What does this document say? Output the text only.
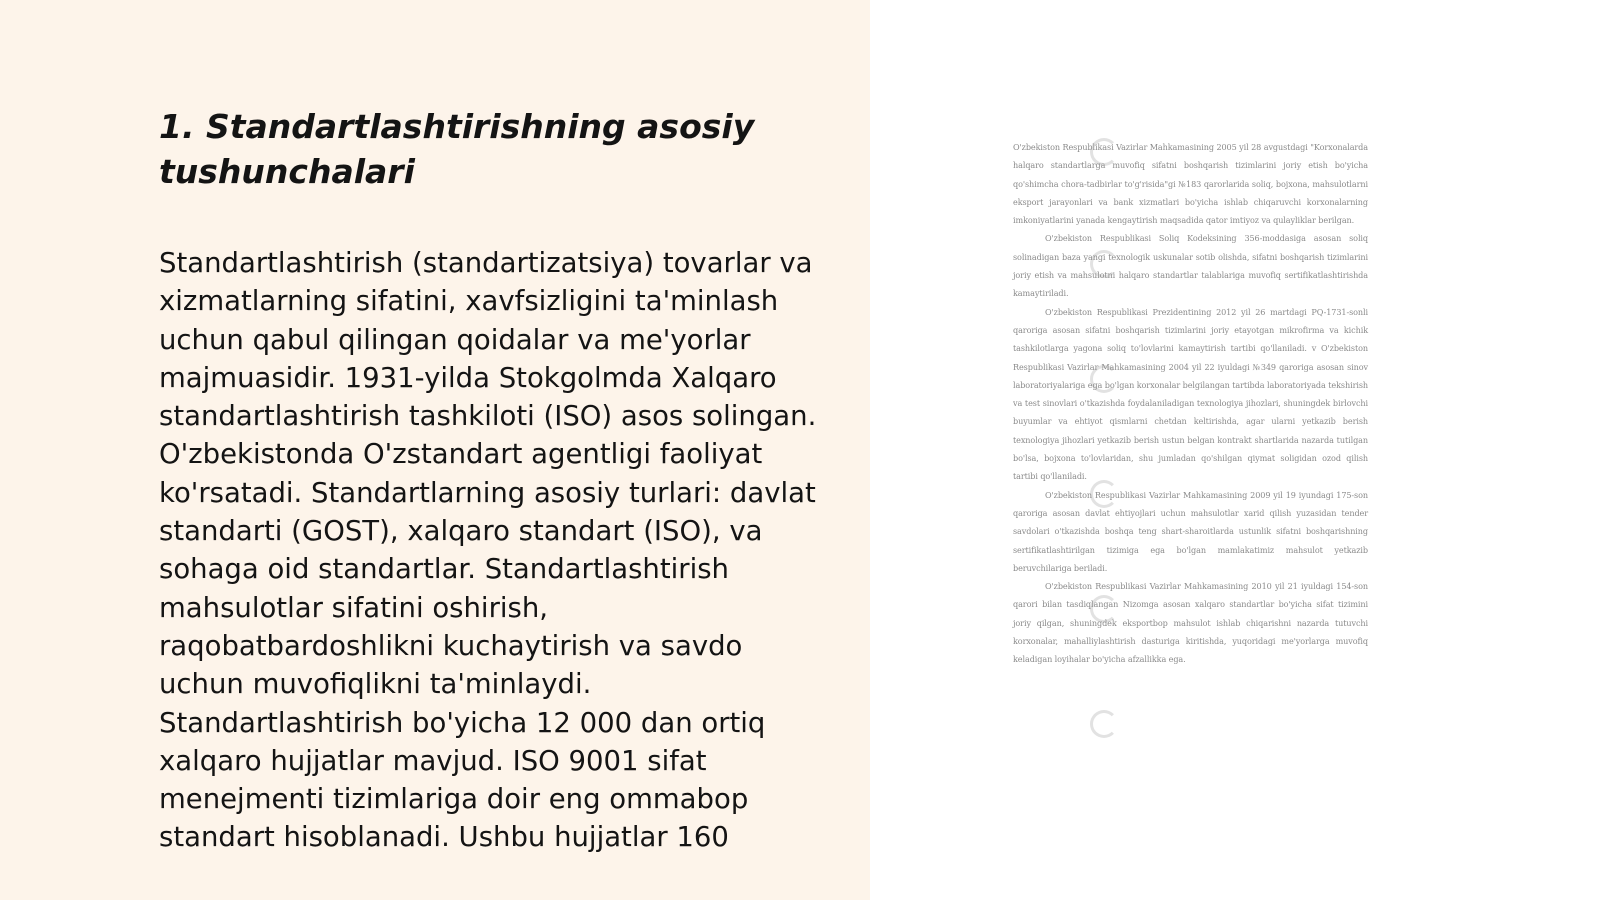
1. Standartlashtirishning asosiy tushunchalari

Standartlashtirish (standartizatsiya) tovarlar va xizmatlarning sifatini, xavfsizligini ta'minlash uchun qabul qilingan qoidalar va me'yorlar majmuasidir. 1931-yilda Stokgolmda Xalqaro standartlashtirish tashkiloti (ISO) asos solingan. O'zbekistonda O'zstandart agentligi faoliyat ko'rsatadi. Standartlarning asosiy turlari: davlat standarti (GOST), xalqaro standart (ISO), va sohaga oid standartlar. Standartlashtirish mahsulotlar sifatini oshirish, raqobatbardoshlikni kuchaytirish va savdo uchun muvofiqlikni ta'minlaydi. Standartlashtirish bo'yicha 12 000 dan ortiq xalqaro hujjatlar mavjud. ISO 9001 sifat menejmenti tizimlariga doir eng ommabop standart hisoblanadi. Ushbu hujjatlar 160

O'zbekiston Respublikasi Vazirlar Mahkamasining 2005 yil 28 avgustdagi "Korxonalarda halqaro standartlarga muvofiq sifatni boshqarish tizimlarini joriy etish bo'yicha qo'shimcha chora-tadbirlar to'g'risida"gi №183 qarorlarida soliq, bojxona, mahsulotlarni eksport jarayonlari va bank xizmatlari bo'yicha ishlab chiqaruvchi korxonalarning imkoniyatlarini yanada kengaytirish maqsadida qator imtiyoz va qulayliklar berilgan.

O'zbekiston Respublikasi Soliq Kodeksining 356-moddasiga asosan soliq solinadigan baza yangi texnologik uskunalar sotib olishda, sifatni boshqarish tizimlarini joriy etish va mahsulotni halqaro standartlar talablariga muvofiq sertifikatlashtirishda kamaytiriladi.

O'zbekiston Respublikasi Prezidentining 2012 yil 26 martdagi PQ-1731-sonli qaroriga asosan sifatni boshqarish tizimlarini joriy etayotgan mikrofirma va kichik tashkilotlarga yagona soliq to'lovlarini kamaytirish tartibi qo'llaniladi. v O'zbekiston Respublikasi Vazirlar Mahkamasining 2004 yil 22 iyuldagi №349 qaroriga asosan sinov laboratoriyalariga ega bo'lgan korxonalar belgilangan tartibda laboratoriyada tekshirish va test sinovlari o'tkazishda foydalaniladigan texnologiya jihozlari, shuningdek birlovchi buyumlar va ehtiyot qismlarni chetdan keltirishda, agar ularni yetkazib berish texnologiya jihozlari yetkazib berish ustun belgan kontrakt shartlarida nazarda tutilgan bo'lsa, bojxona to'lovlaridan, shu jumladan qo'shilgan qiymat soligidan ozod qilish tartibi qo'llaniladi.

O'zbekiston Respublikasi Vazirlar Mahkamasining 2009 yil 19 iyundagi 175-son qaroriga asosan davlat ehtiyojlari uchun mahsulotlar xarid qilish yuzasidan tender savdolari o'tkazishda boshqa teng shart-sharoitlarda ustunlik sifatni boshqarishning sertifikatlashtirilgan tizimiga ega bo'lgan mamlakatimiz mahsulot yetkazib beruvchilariga beriladi.

O'zbekiston Respublikasi Vazirlar Mahkamasining 2010 yil 21 iyuldagi 154-son qarori bilan tasdiqlangan Nizomga asosan xalqaro standartlar bo'yicha sifat tizimini joriy qilgan, shuningdek eksportbop mahsulot ishlab chiqarishni nazarda tutuvchi korxonalar, mahalliylashtirish dasturiga kiritishda, yuqoridagi me'yorlarga muvofiq keladigan loyihalar bo'yicha afzallikka ega.
